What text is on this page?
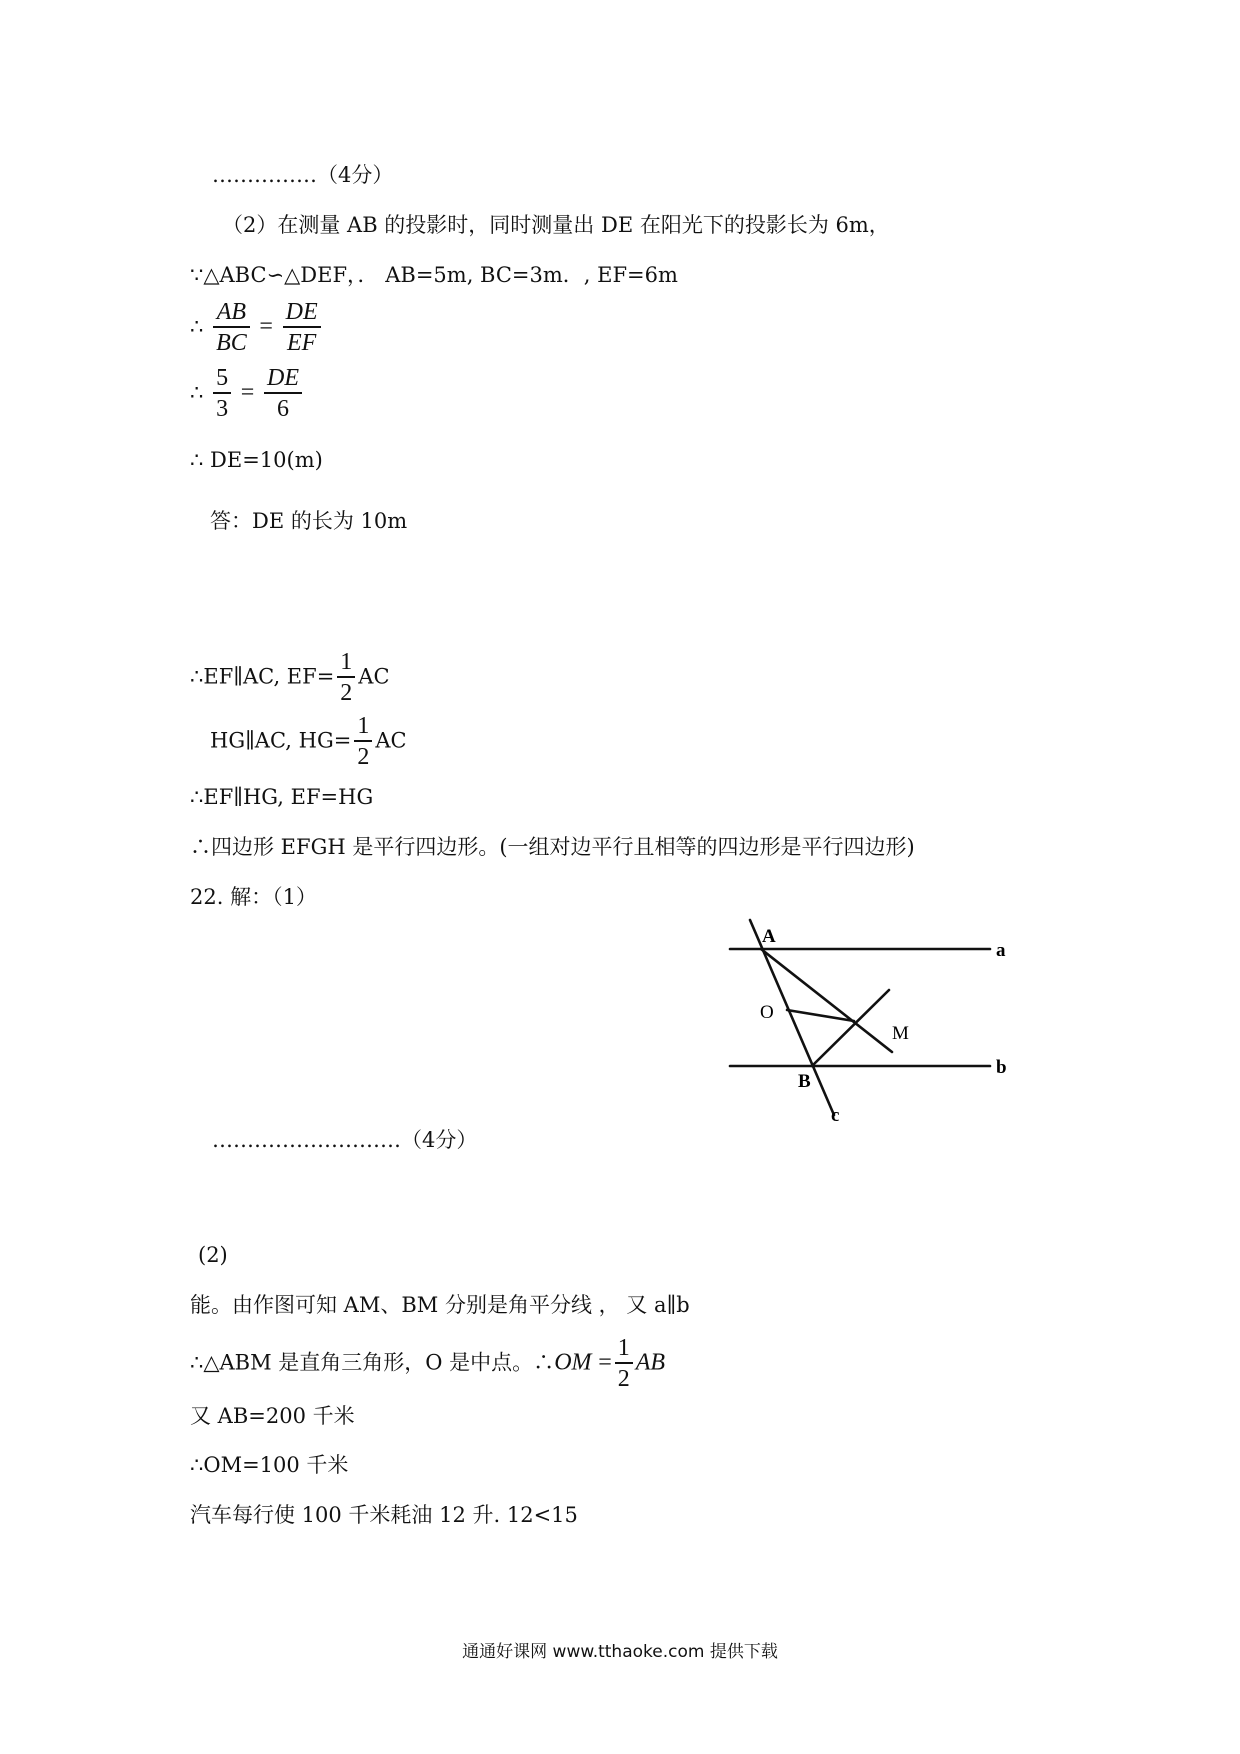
……………（4分）
（2）在测量 AB 的投影时，同时测量出 DE 在阳光下的投影长为 6m，
∵△ABC∽△DEF，． AB=5m, BC=3m．, EF=6m
∴ $\frac{AB}{BC} = \frac{DE}{EF}$
∴ $\frac{5}{3} = \frac{DE}{6}$
∴ DE=10(m)
答：DE 的长为 10m
∴EF∥AC, $EF= \frac{1}{2}$ AC
HG∥AC, $HG= \frac{1}{2}$ AC
∴EF∥HG, EF=HG
∴四边形 EFGH 是平行四边形。(一组对边平行且相等的四边形是平行四边形)
22. 解：（1）
A
a
O
M
B
b
c
………………………（4分）
(2)
能。由作图可知 AM、BM 分别是角平分线 ， 又 a∥b
∴△ABM 是直角三角形，O 是中点。∴OM = $\frac{1}{2}$ AB
又 AB=200 千米
∴OM=100 千米
汽车每行使 100 千米耗油 12 升. 12<15
通通好课网 www.tthaoke.com 提供下载
